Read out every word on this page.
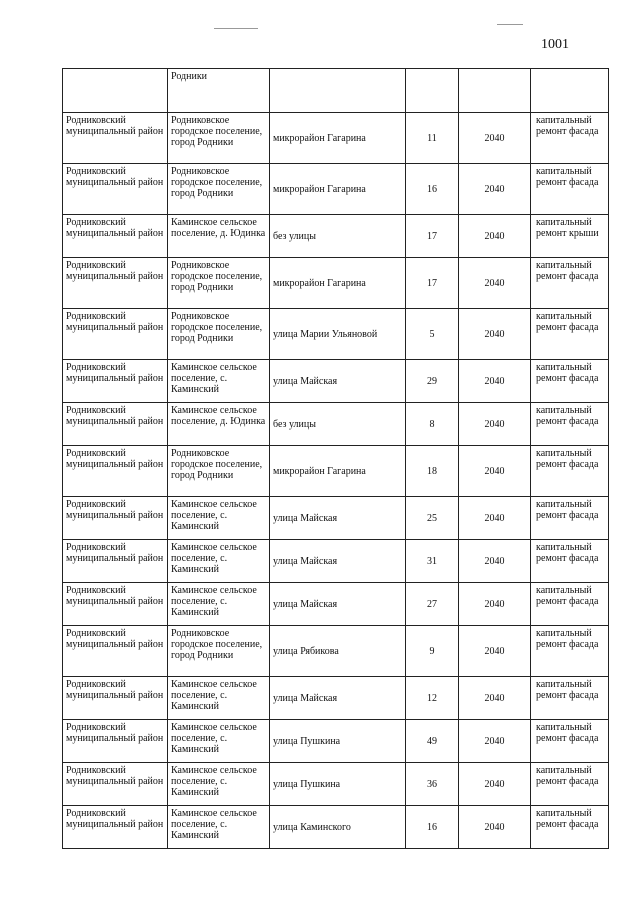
1001
	Родники				
Родниковский муниципальный район	Родниковское городское поселение, город Родники	микрорайон Гагарина	11	2040	капитальный ремонт фасада
Родниковский муниципальный район	Родниковское городское поселение, город Родники	микрорайон Гагарина	16	2040	капитальный ремонт фасада
Родниковский муниципальный район	Каминское сельское поселение, д. Юдинка	без улицы	17	2040	капитальный ремонт крыши
Родниковский муниципальный район	Родниковское городское поселение, город Родники	микрорайон Гагарина	17	2040	капитальный ремонт фасада
Родниковский муниципальный район	Родниковское городское поселение, город Родники	улица Марии Ульяновой	5	2040	капитальный ремонт фасада
Родниковский муниципальный район	Каминское сельское поселение, с. Каминский	улица Майская	29	2040	капитальный ремонт фасада
Родниковский муниципальный район	Каминское сельское поселение, д. Юдинка	без улицы	8	2040	капитальный ремонт фасада
Родниковский муниципальный район	Родниковское городское поселение, город Родники	микрорайон Гагарина	18	2040	капитальный ремонт фасада
Родниковский муниципальный район	Каминское сельское поселение, с. Каминский	улица Майская	25	2040	капитальный ремонт фасада
Родниковский муниципальный район	Каминское сельское поселение, с. Каминский	улица Майская	31	2040	капитальный ремонт фасада
Родниковский муниципальный район	Каминское сельское поселение, с. Каминский	улица Майская	27	2040	капитальный ремонт фасада
Родниковский муниципальный район	Родниковское городское поселение, город Родники	улица Рябикова	9	2040	капитальный ремонт фасада
Родниковский муниципальный район	Каминское сельское поселение, с. Каминский	улица Майская	12	2040	капитальный ремонт фасада
Родниковский муниципальный район	Каминское сельское поселение, с. Каминский	улица Пушкина	49	2040	капитальный ремонт фасада
Родниковский муниципальный район	Каминское сельское поселение, с. Каминский	улица Пушкина	36	2040	капитальный ремонт фасада
Родниковский муниципальный район	Каминское сельское поселение, с. Каминский	улица Каминского	16	2040	капитальный ремонт фасада
